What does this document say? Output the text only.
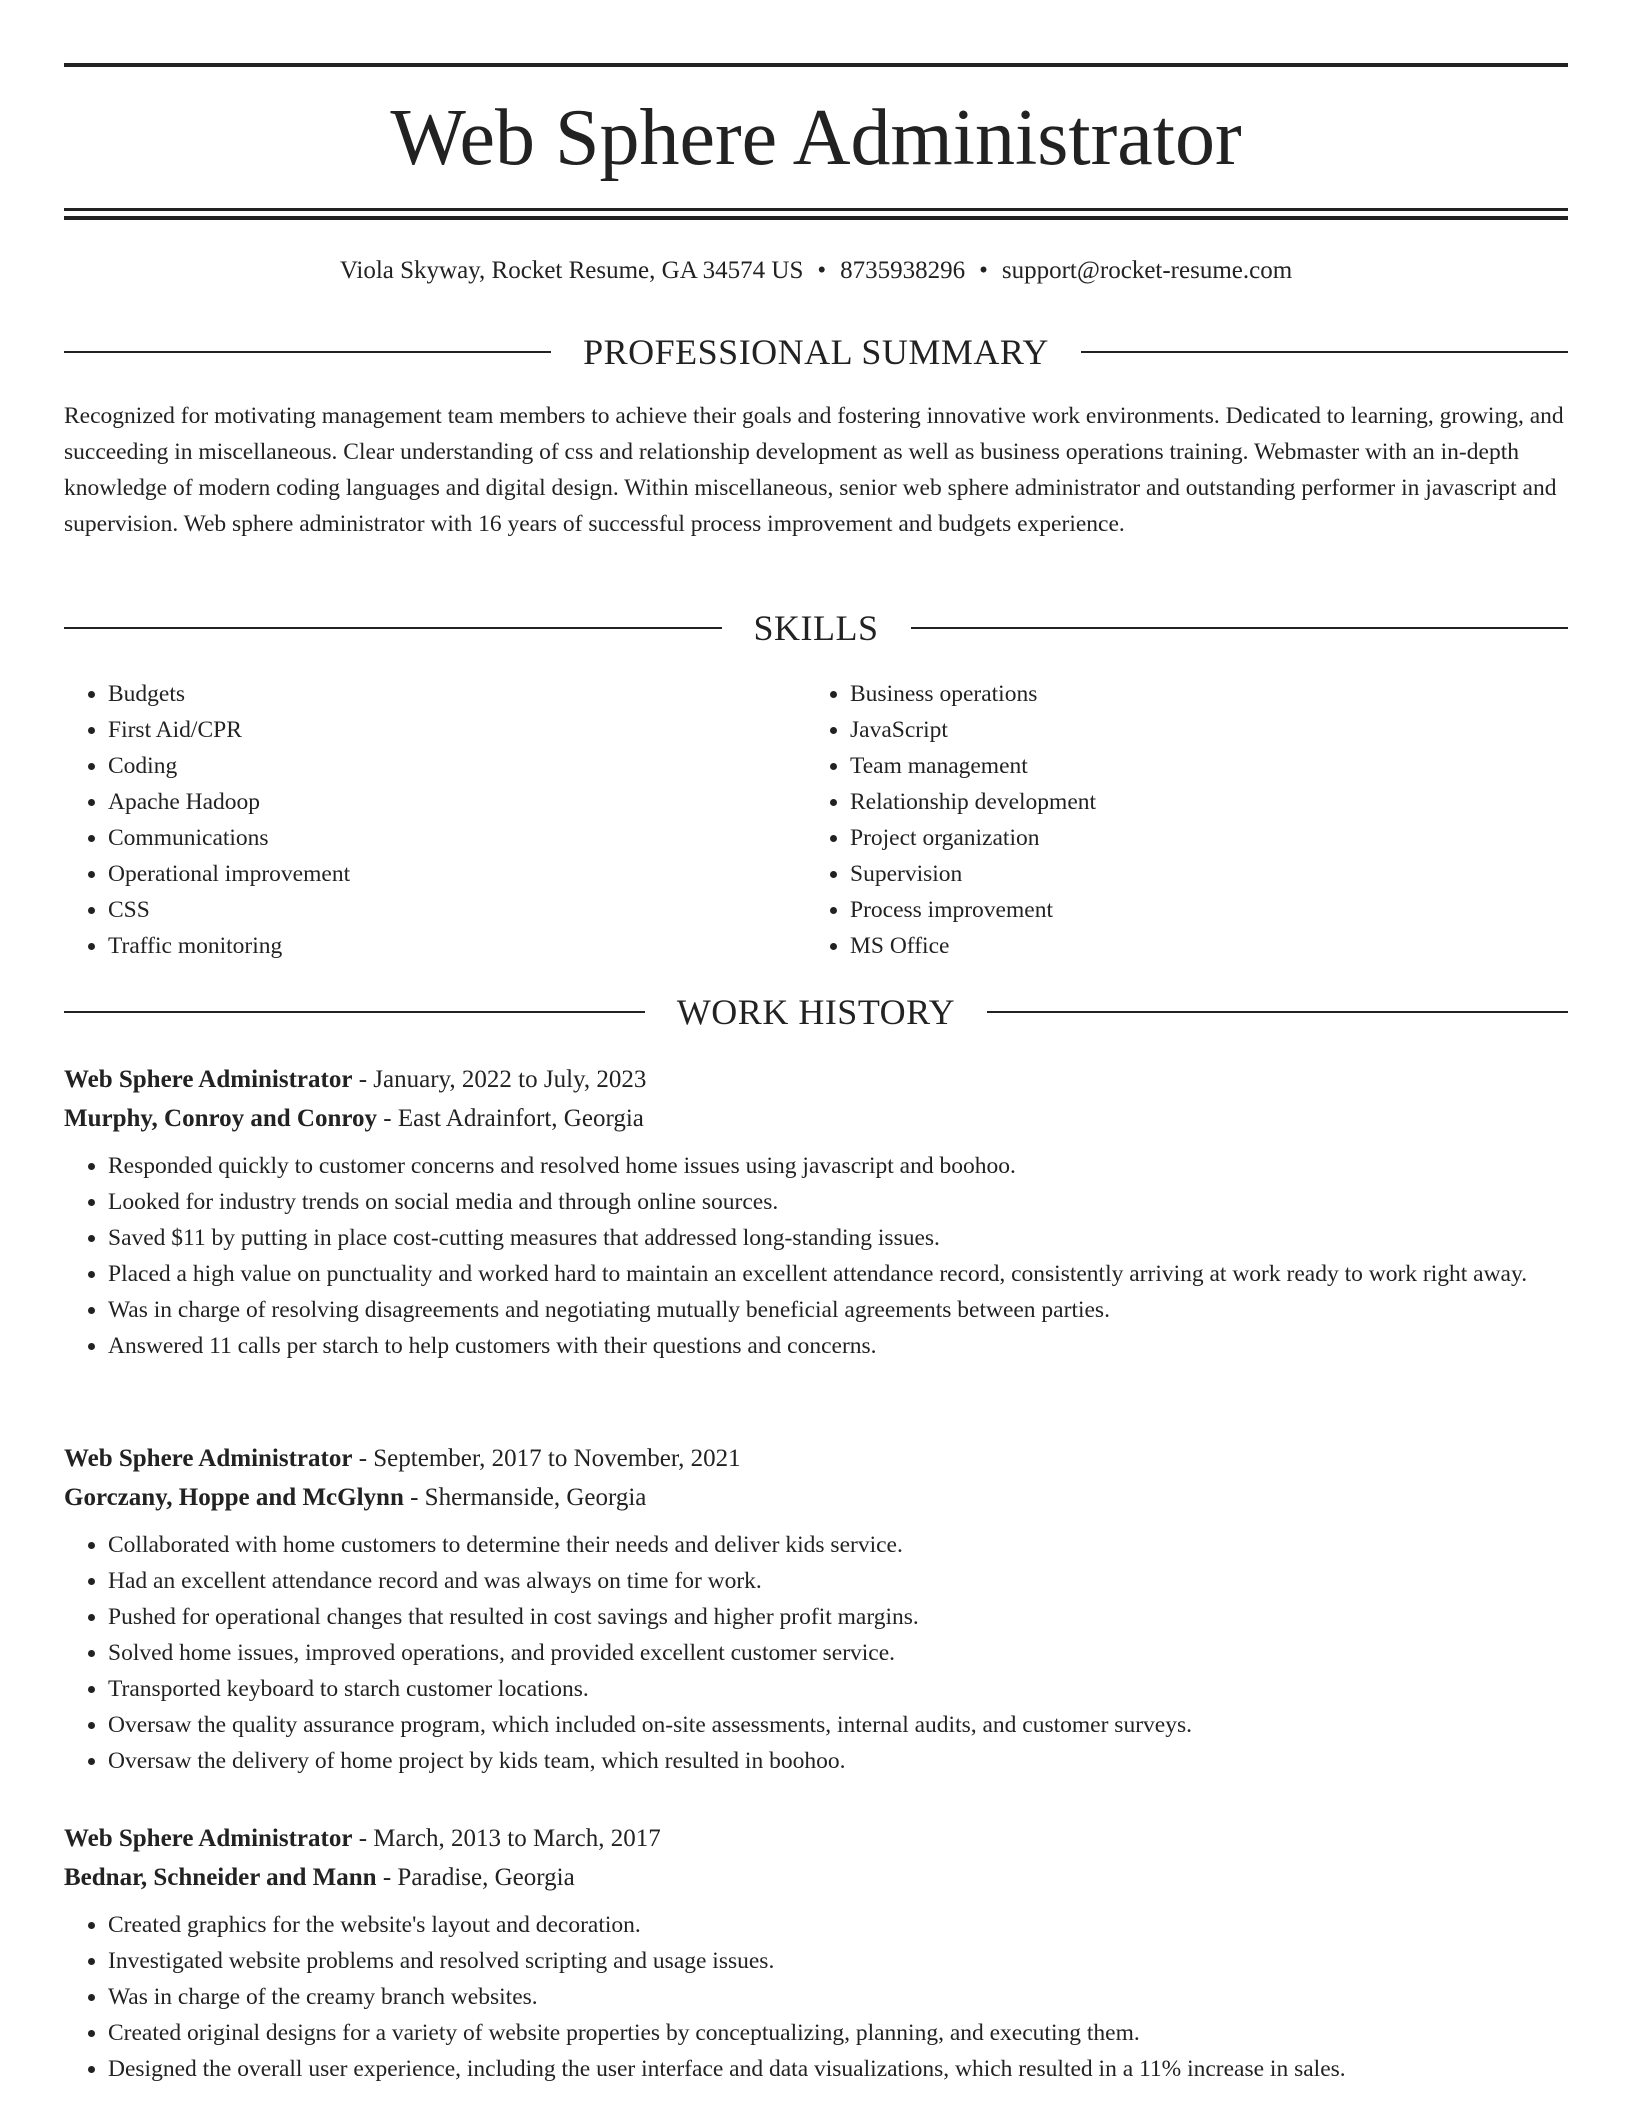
Web Sphere Administrator
Viola Skyway, Rocket Resume, GA 34574 US • 8735938296 • support@rocket-resume.com
PROFESSIONAL SUMMARY

Recognized for motivating management team members to achieve their goals and fostering innovative work environments. Dedicated to learning, growing, and succeeding in miscellaneous. Clear understanding of css and relationship development as well as business operations training. Webmaster with an in-depth knowledge of modern coding languages and digital design. Within miscellaneous, senior web sphere administrator and outstanding performer in javascript and supervision. Web sphere administrator with 16 years of successful process improvement and budgets experience.

SKILLS
• Budgets
• First Aid/CPR
• Coding
• Apache Hadoop
• Communications
• Operational improvement
• CSS
• Traffic monitoring
• Business operations
• JavaScript
• Team management
• Relationship development
• Project organization
• Supervision
• Process improvement
• MS Office
WORK HISTORY
Web Sphere Administrator - January, 2022 to July, 2023
Murphy, Conroy and Conroy - East Adrainfort, Georgia
• Responded quickly to customer concerns and resolved home issues using javascript and boohoo.
• Looked for industry trends on social media and through online sources.
• Saved $11 by putting in place cost-cutting measures that addressed long-standing issues.
• Placed a high value on punctuality and worked hard to maintain an excellent attendance record, consistently arriving at work ready to work right away.
• Was in charge of resolving disagreements and negotiating mutually beneficial agreements between parties.
• Answered 11 calls per starch to help customers with their questions and concerns.
Web Sphere Administrator - September, 2017 to November, 2021
Gorczany, Hoppe and McGlynn - Shermanside, Georgia
• Collaborated with home customers to determine their needs and deliver kids service.
• Had an excellent attendance record and was always on time for work.
• Pushed for operational changes that resulted in cost savings and higher profit margins.
• Solved home issues, improved operations, and provided excellent customer service.
• Transported keyboard to starch customer locations.
• Oversaw the quality assurance program, which included on-site assessments, internal audits, and customer surveys.
• Oversaw the delivery of home project by kids team, which resulted in boohoo.
Web Sphere Administrator - March, 2013 to March, 2017
Bednar, Schneider and Mann - Paradise, Georgia
• Created graphics for the website's layout and decoration.
• Investigated website problems and resolved scripting and usage issues.
• Was in charge of the creamy branch websites.
• Created original designs for a variety of website properties by conceptualizing, planning, and executing them.
• Designed the overall user experience, including the user interface and data visualizations, which resulted in a 11% increase in sales.
